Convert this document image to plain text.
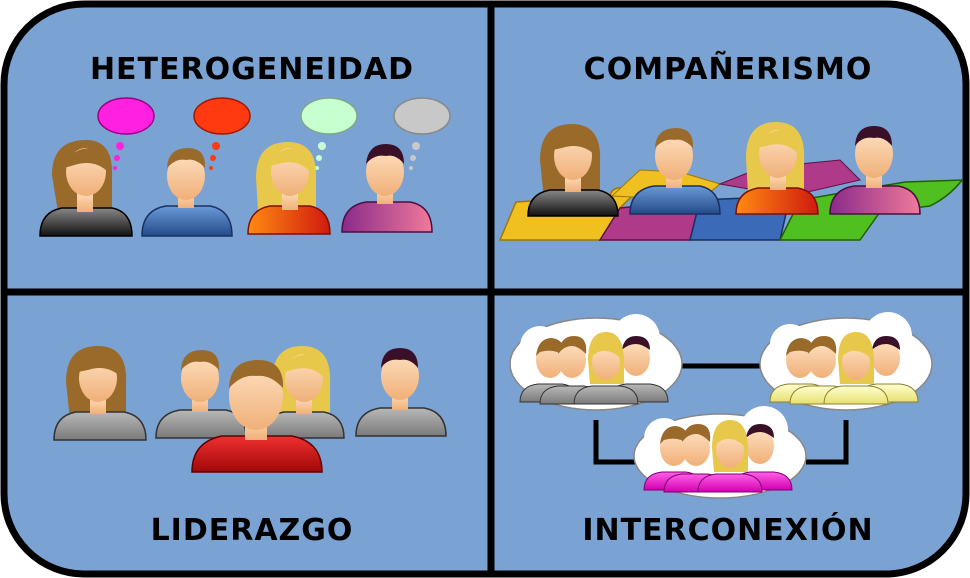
HETEROGENEIDAD	COMPAÑERISMO
LIDERAZGO	INTERCONEXIÓN
